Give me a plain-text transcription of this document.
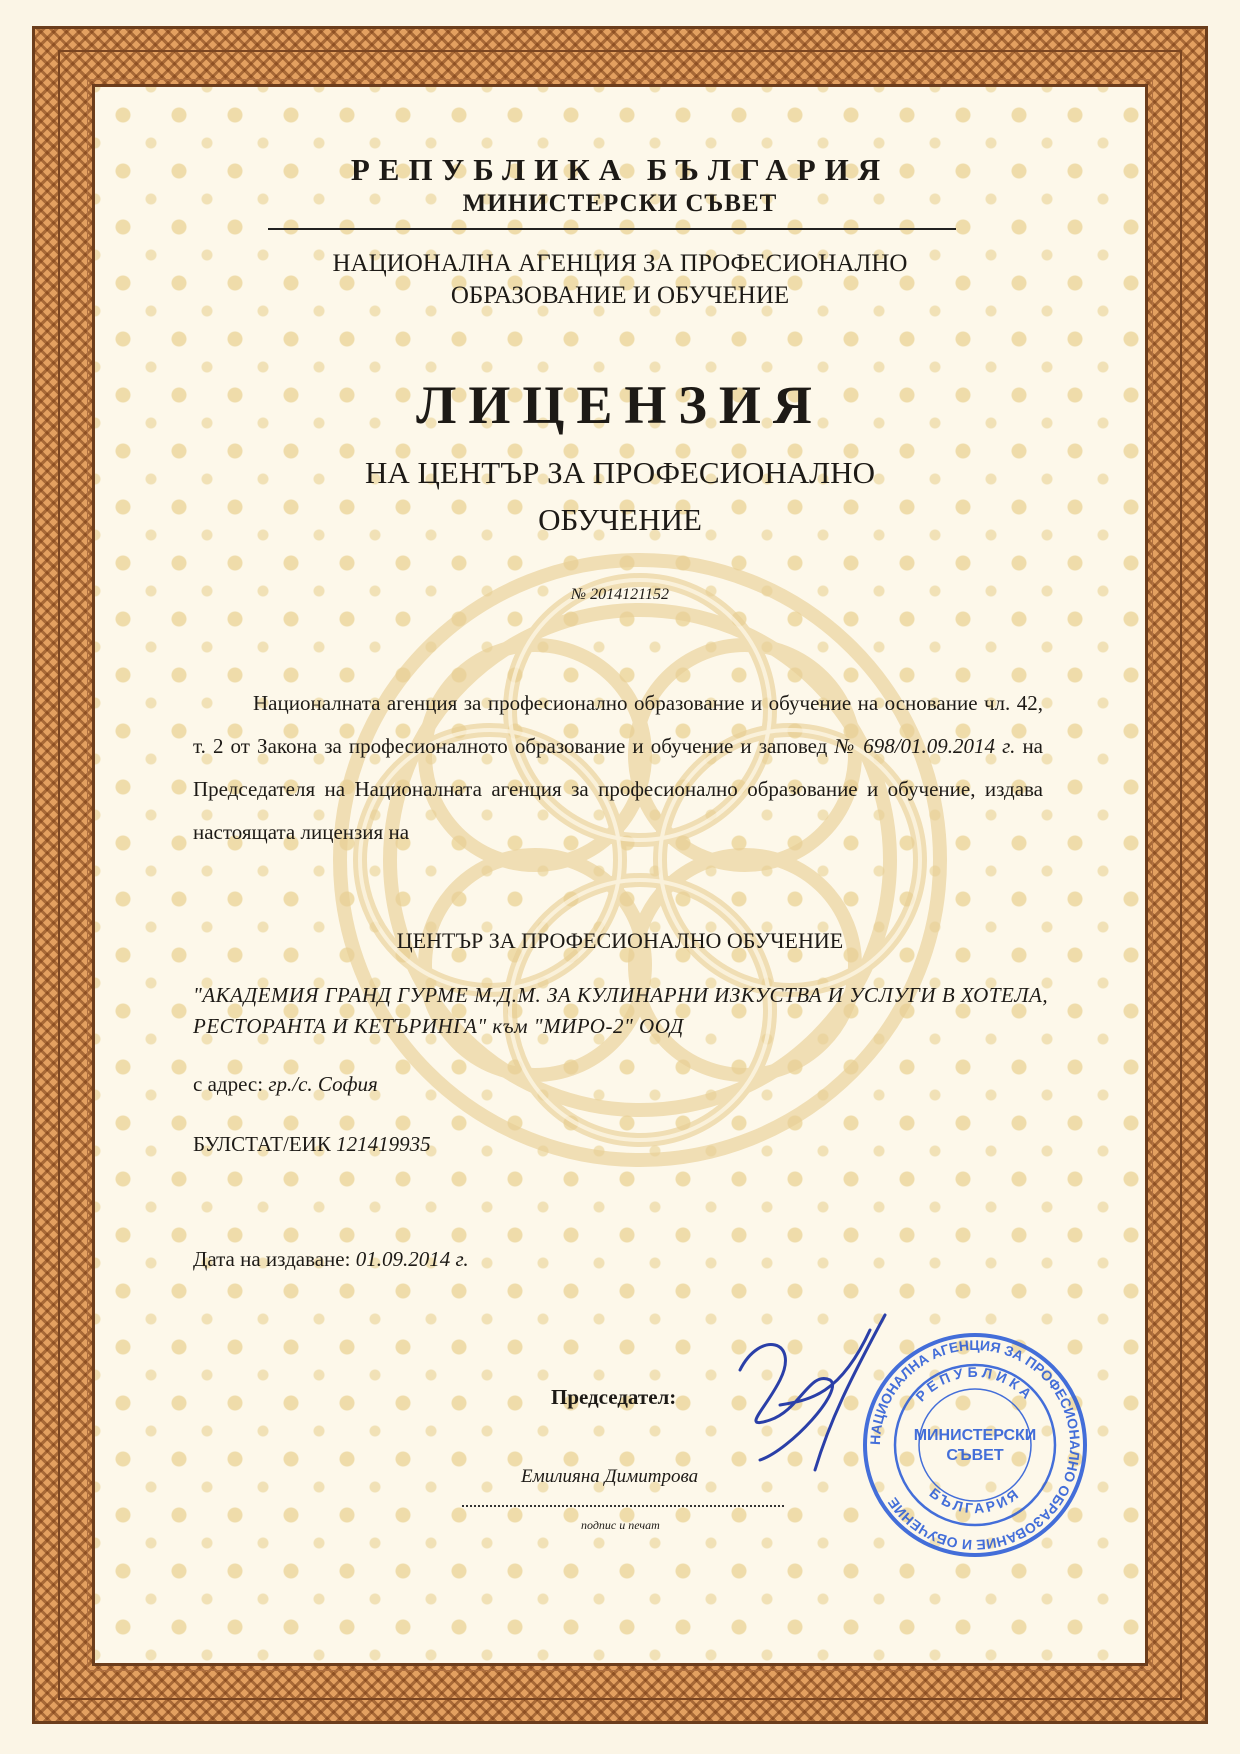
РЕПУБЛИКА БЪЛГАРИЯ
МИНИСТЕРСКИ СЪВЕТ
НАЦИОНАЛНА АГЕНЦИЯ ЗА ПРОФЕСИОНАЛНО
ОБРАЗОВАНИЕ И ОБУЧЕНИЕ
ЛИЦЕНЗИЯ
НА ЦЕНТЪР ЗА ПРОФЕСИОНАЛНО
ОБУЧЕНИЕ
№ 2014121152
Националната агенция за професионално образование и обучение на основание чл. 42, т. 2 от Закона за професионалното образование и обучение и заповед № 698/01.09.2014 г. на Председателя на Националната агенция за професионално образование и обучение, издава настоящата лицензия на
ЦЕНТЪР ЗА ПРОФЕСИОНАЛНО ОБУЧЕНИЕ
"АКАДЕМИЯ ГРАНД ГУРМЕ М.Д.М. ЗА КУЛИНАРНИ ИЗКУСТВА И УСЛУГИ В ХОТЕЛА, РЕСТОРАНТА И КЕТЪРИНГА" към "МИРО-2" ООД
с адрес: гр./с. София
БУЛСТАТ/ЕИК 121419935
Дата на издаване: 01.09.2014 г.
Председател:
Емилияна Димитрова
подпис и печат
НАЦИОНАЛНА АГЕНЦИЯ ЗА ПРОФЕСИОНАЛНО ОБРАЗОВАНИЕ И ОБУЧЕНИЕ
РЕПУБЛИКА
БЪЛГАРИЯ
МИНИСТЕРСКИ
СЪВЕТ
